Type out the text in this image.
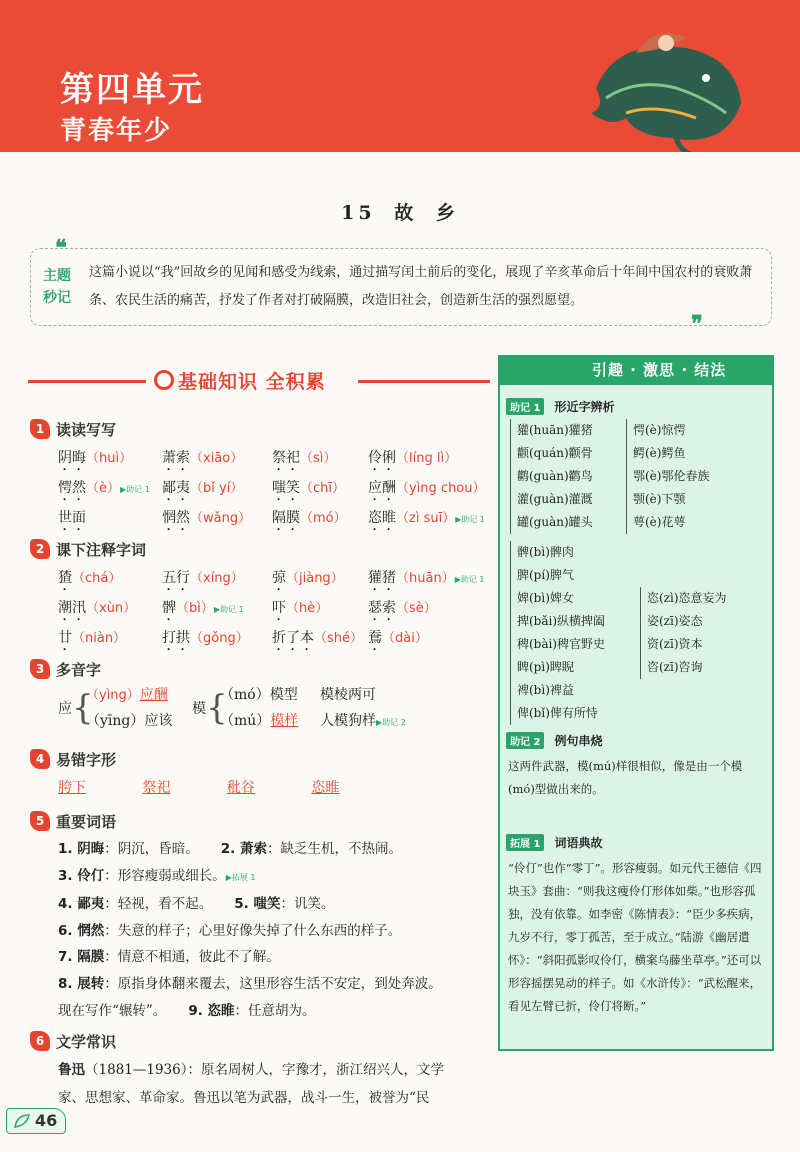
第四单元
青春年少
15 故 乡
❝
❞
主题
秒记
这篇小说以“我”回故乡的见闻和感受为线索，通过描写闰土前后的变化，展现了辛亥革命后十年间中国农村的衰败萧条、农民生活的痛苦，抒发了作者对打破隔膜，改造旧社会，创造新生活的强烈愿望。
基础知识 全积累
1 读读写写
阴晦（huì）	萧索（xiāo）	祭祀（sì）	伶俐（líng lì）
愕然（è）▶助记 1 鄙夷（bǐ yí）	嗤笑（chī）	应酬（yìng chou）
世面	惘然（wǎng）	隔膜（mó）	恣睢（zì suī）▶助记 1
2 课下注释字词
猹（chá）	五行（xíng）	弶（jiàng）	獾猪（huān）▶助记 1
潮汛（xùn）	髀（bì）▶助记 1	吓（hè）	瑟索（sè）
廿（niàn）	打拱（gǒng）	折了本（shé） 鴌（dài）
3 多音字
应 {
（yìng）应酬
（yīng）应该
模 {
（mó）模型
（mú）模样
模棱两可
人模狗样▶助记 2
4 易错字形
胯下	祭祀	秕谷	恣睢
5 重要词语
1. 阴晦：阴沉，昏暗。 2. 萧索：缺乏生机，不热闹。
3. 伶仃：形容瘦弱或细长。▶拓展 1
4. 鄙夷：轻视，看不起。 5. 嗤笑：讥笑。
6. 惘然：失意的样子；心里好像失掉了什么东西的样子。
7. 隔膜：情意不相通，彼此不了解。
8. 展转：原指身体翻来覆去，这里形容生活不安定，到处奔波。
现在写作“辗转”。 9. 恣睢：任意胡为。
6 文学常识
鲁迅（1881—1936）：原名周树人，字豫才，浙江绍兴人，文学
家、思想家、革命家。鲁迅以笔为武器，战斗一生，被誉为“民
引趣 · 激思 · 结法
助记 1	形近字辨析
獾(huān)獾猪
颧(quán)颧骨
鹳(guàn)鹳鸟
灌(guàn)灌溉
罐(guàn)罐头
愕(è)惊愕
鳄(è)鳄鱼
鄂(è)鄂伦春族
颚(è)下颚
萼(è)花萼
髀(bì)髀肉
脾(pí)脾气
婢(bì)婢女
捭(bǎi)纵横捭阖
稗(bài)稗官野史
睥(pì)睥睨
裨(bì)裨益
俾(bǐ)俾有所恃
恣(zì)恣意妄为
姿(zī)姿态
资(zī)资本
咨(zī)咨询
助记 2	例句串烧
这两件武器，模(mú)样很相似，像是由一个模(mó)型做出来的。
拓展 1	词语典故
“伶仃”也作“零丁”。形容瘦弱。如元代王德信《四块玉》套曲：“则我这瘦伶仃形体如柴。”也形容孤独，没有依靠。如李密《陈情表》：“臣少多疾病，九岁不行，零丁孤苦，至于成立。”陆游《幽居遣怀》：“斜阳孤影叹伶仃，横案乌藤坐草亭。”还可以形容摇摆晃动的样子。如《水浒传》：“武松醒来，看见左臂已折，伶仃将断。”
46
